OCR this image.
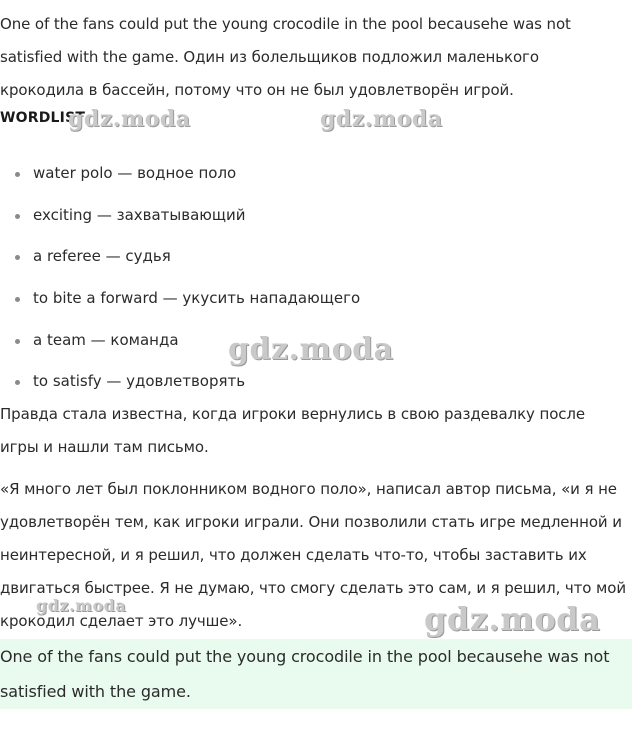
One of the fans could put the young crocodile in the pool becausehe was not satisfied with the game. Один из болельщиков подложил маленького крокодила в бассейн, потому что он не был удовлетворён игрой.

WORDLIST
water polo — водное поло
exciting — захватывающий
a referee — судья
to bite a forward — укусить нападающего
a team — команда
to satisfy — удовлетворять

Правда стала известна, когда игроки вернулись в свою раздевалку после игры и нашли там письмо.

«Я много лет был поклонником водного поло», написал автор письма, «и я не удовлетворён тем, как игроки играли. Они позволили стать игре медленной и неинтересной, и я решил, что должен сделать что-то, чтобы заставить их двигаться быстрее. Я не думаю, что смогу сделать это сам, и я решил, что мой крокодил сделает это лучше».

One of the fans could put the young crocodile in the pool becausehe was not satisfied with the game.

gdz.moda	gdz.moda
gdz.moda
gdz.moda	gdz.moda
